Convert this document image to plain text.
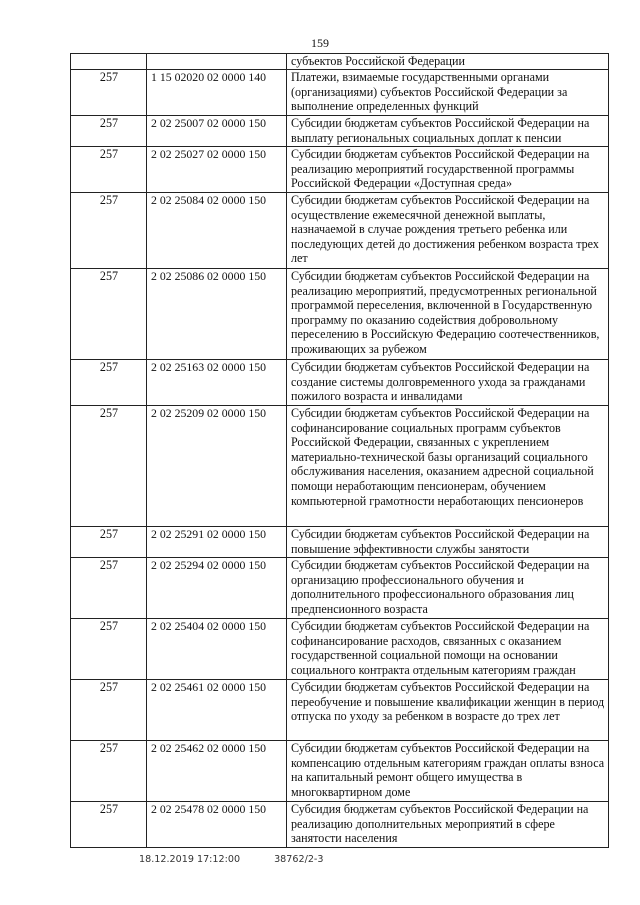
159
		субъектов Российской Федерации
257	1 15 02020 02 0000 140	Платежи, взимаемые государственными органами (организациями) субъектов Российской Федерации за выполнение определенных функций
257	2 02 25007 02 0000 150	Субсидии бюджетам субъектов Российской Федерации на выплату региональных социальных доплат к пенсии
257	2 02 25027 02 0000 150	Субсидии бюджетам субъектов Российской Федерации на реализацию мероприятий государственной программы Российской Федерации «Доступная среда»
257	2 02 25084 02 0000 150	Субсидии бюджетам субъектов Российской Федерации на осуществление ежемесячной денежной выплаты, назначаемой в случае рождения третьего ребенка или последующих детей до достижения ребенком возраста трех лет
257	2 02 25086 02 0000 150	Субсидии бюджетам субъектов Российской Федерации на реализацию мероприятий, предусмотренных региональной программой переселения, включенной в Государственную программу по оказанию содействия добровольному переселению в Российскую Федерацию соотечественников, проживающих за рубежом
257	2 02 25163 02 0000 150	Субсидии бюджетам субъектов Российской Федерации на создание системы долговременного ухода за гражданами пожилого возраста и инвалидами
257	2 02 25209 02 0000 150	Субсидии бюджетам субъектов Российской Федерации на софинансирование социальных программ субъектов Российской Федерации, связанных с укреплением материально-технической базы организаций социального обслуживания населения, оказанием адресной социальной помощи неработающим пенсионерам, обучением компьютерной грамотности неработающих пенсионеров
257	2 02 25291 02 0000 150	Субсидии бюджетам субъектов Российской Федерации на повышение эффективности службы занятости
257	2 02 25294 02 0000 150	Субсидии бюджетам субъектов Российской Федерации на организацию профессионального обучения и дополнительного профессионального образования лиц предпенсионного возраста
257	2 02 25404 02 0000 150	Субсидии бюджетам субъектов Российской Федерации на софинансирование расходов, связанных с оказанием государственной социальной помощи на основании социального контракта отдельным категориям граждан
257	2 02 25461 02 0000 150	Субсидии бюджетам субъектов Российской Федерации на переобучение и повышение квалификации женщин в период отпуска по уходу за ребенком в возрасте до трех лет
257	2 02 25462 02 0000 150	Субсидии бюджетам субъектов Российской Федерации на компенсацию отдельным категориям граждан оплаты взноса на капитальный ремонт общего имущества в многоквартирном доме
257	2 02 25478 02 0000 150	Субсидия бюджетам субъектов Российской Федерации на реализацию дополнительных мероприятий в сфере занятости населения
18.12.2019 17:12:00	38762/2-3
